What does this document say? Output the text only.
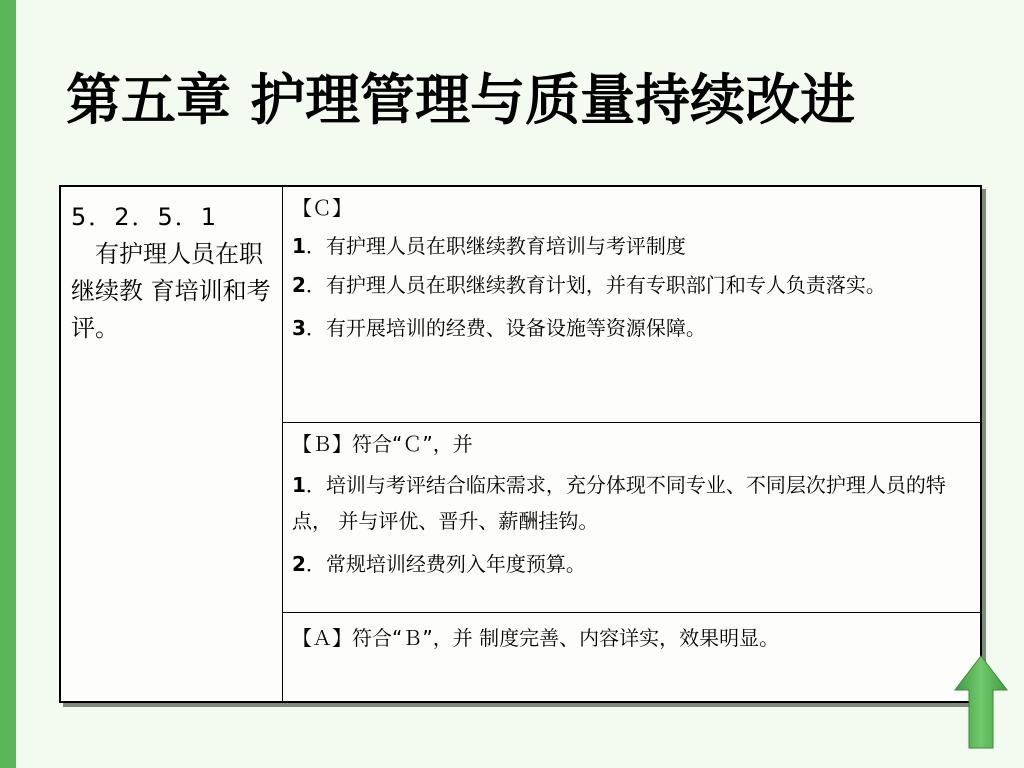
第五章 护理管理与质量持续改进
5．2．5．1
有护理人员在职继续教 育培训和考评。
【Ｃ】
1．有护理人员在职继续教育培训与考评制度
2．有护理人员在职继续教育计划，并有专职部门和专人负责落实。
3．有开展培训的经费、设备设施等资源保障。
【Ｂ】符合“Ｃ”，并
1．培训与考评结合临床需求，充分体现不同专业、不同层次护理人员的特点， 并与评优、晋升、薪酬挂钩。
2．常规培训经费列入年度预算。
【Ａ】符合“Ｂ”，并 制度完善、内容详实，效果明显。
